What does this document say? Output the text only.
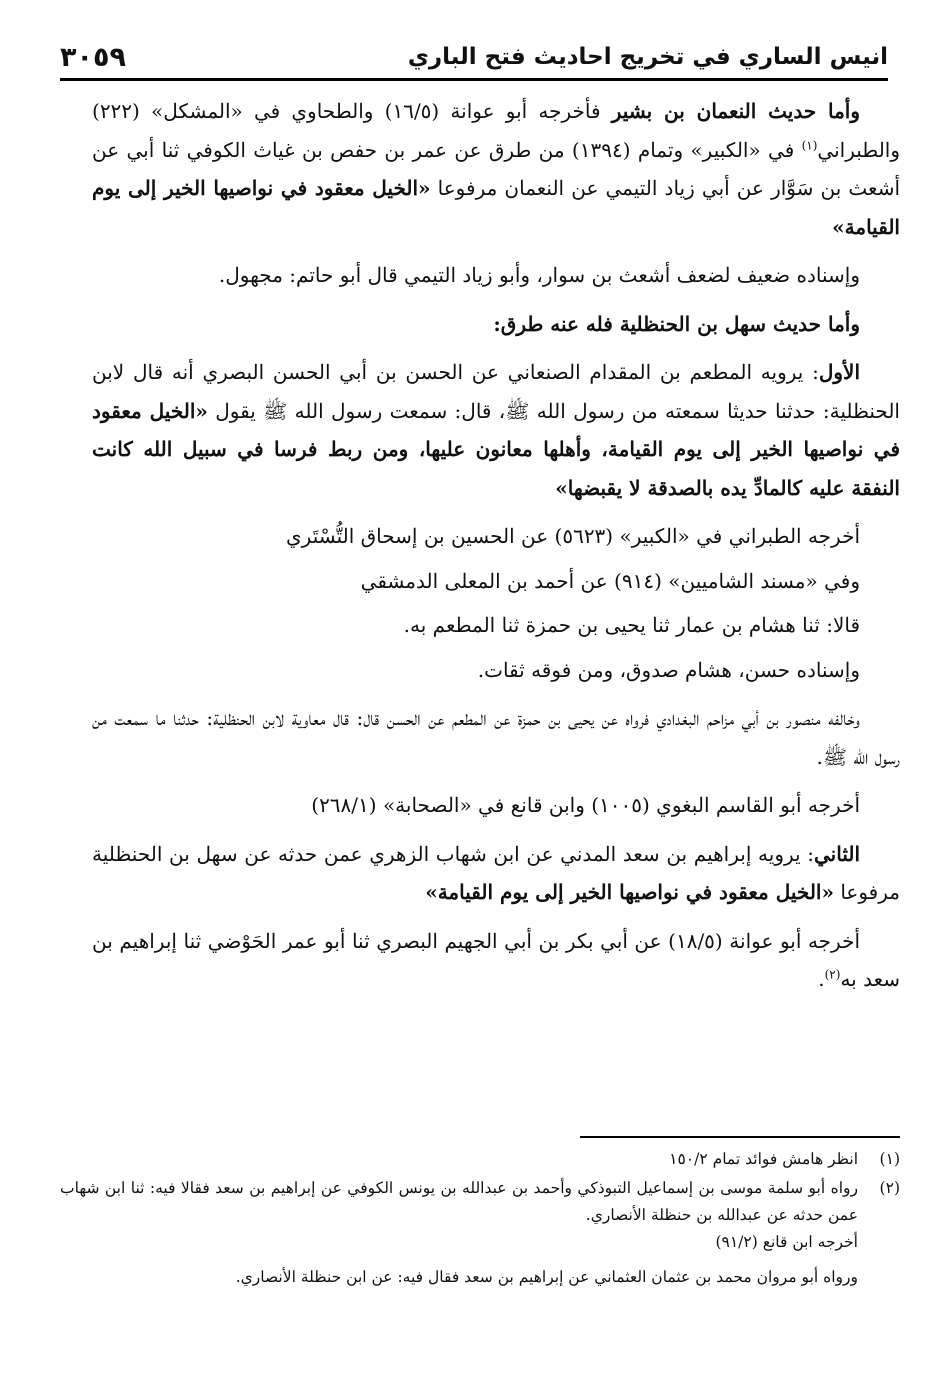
انيس الساري في تخريج احاديث فتح الباري
٣٠٥٩

وأما حديث النعمان بن بشير فأخرجه أبو عوانة (١٦/٥) والطحاوي في «المشكل» (٢٢٢) والطبراني$^{(١)}$ في «الكبير» وتمام (١٣٩٤) من طرق عن عمر بن حفص بن غياث الكوفي ثنا أبي عن أشعث بن سَوَّار عن أبي زياد التيمي عن النعمان مرفوعا «الخيل معقود في نواصيها الخير إلى يوم القيامة»

وإسناده ضعيف لضعف أشعث بن سوار، وأبو زياد التيمي قال أبو حاتم: مجهول.

وأما حديث سهل بن الحنظلية فله عنه طرق:

الأول: يرويه المطعم بن المقدام الصنعاني عن الحسن بن أبي الحسن البصري أنه قال لابن الحنظلية: حدثنا حديثا سمعته من رسول الله ﷺ، قال: سمعت رسول الله ﷺ يقول «الخيل معقود في نواصيها الخير إلى يوم القيامة، وأهلها معانون عليها، ومن ربط فرسا في سبيل الله كانت النفقة عليه كالمادِّ يده بالصدقة لا يقبضها»

أخرجه الطبراني في «الكبير» (٥٦٢٣) عن الحسين بن إسحاق التُّسْتَري

وفي «مسند الشاميين» (٩١٤) عن أحمد بن المعلى الدمشقي

قالا: ثنا هشام بن عمار ثنا يحيى بن حمزة ثنا المطعم به.

وإسناده حسن، هشام صدوق، ومن فوقه ثقات.

وخالفه منصور بن أبي مزاحم البغدادي فرواه عن يحيى بن حمزة عن المطعم عن الحسن قال: قال معاوية لابن الحنظلية: حدثنا ما سمعت من رسول الله ﷺ.

أخرجه أبو القاسم البغوي (١٠٠٥) وابن قانع في «الصحابة» (٢٦٨/١)

الثاني: يرويه إبراهيم بن سعد المدني عن ابن شهاب الزهري عمن حدثه عن سهل بن الحنظلية مرفوعا «الخيل معقود في نواصيها الخير إلى يوم القيامة»

أخرجه أبو عوانة (١٨/٥) عن أبي بكر بن أبي الجهيم البصري ثنا أبو عمر الحَوْضي ثنا إبراهيم بن سعد به$^{(٢)}$.

(١)
انظر هامش فوائد تمام ١٥٠/٢
(٢)
رواه أبو سلمة موسى بن إسماعيل التبوذكي وأحمد بن عبدالله بن يونس الكوفي عن إبراهيم بن سعد فقالا فيه: ثنا ابن شهاب عمن حدثه عن عبدالله بن حنظلة الأنصاري.
أخرجه ابن قانع (٩١/٢)
ورواه أبو مروان محمد بن عثمان العثماني عن إبراهيم بن سعد فقال فيه: عن ابن حنظلة الأنصاري.
